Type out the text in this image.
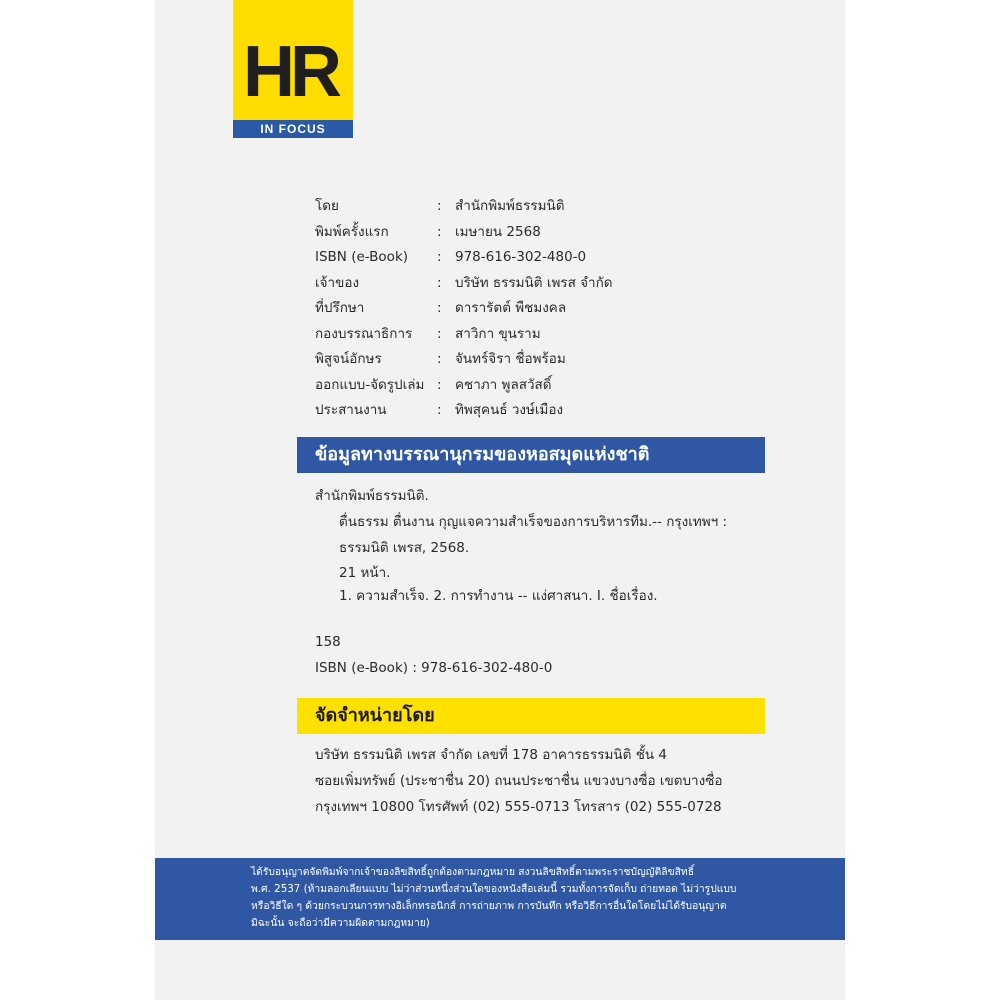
HR
IN FOCUS
โดย	: สำนักพิมพ์ธรรมนิติ
พิมพ์ครั้งแรก	: เมษายน 2568
ISBN (e-Book) : 978-616-302-480-0
เจ้าของ	: บริษัท ธรรมนิติ เพรส จำกัด
ที่ปรึกษา	: ดารารัตต์ พืชมงคล
กองบรรณาธิการ : สาวิกา ขุนราม
พิสูจน์อักษร	: จันทร์จิรา ชื่อพร้อม
ออกแบบ-จัดรูปเล่ม : คชาภา พูลสวัสดิ์
ประสานงาน	: ทิพสุคนธ์ วงษ์เมือง
ข้อมูลทางบรรณานุกรมของหอสมุดแห่งชาติ
สำนักพิมพ์ธรรมนิติ.
ตื่นธรรม ตื่นงาน กุญแจความสำเร็จของการบริหารทีม.-- กรุงเทพฯ :
ธรรมนิติ เพรส, 2568.
21 หน้า.
1. ความสำเร็จ. 2. การทำงาน -- แง่ศาสนา. I. ชื่อเรื่อง.
158
ISBN (e-Book) : 978-616-302-480-0
จัดจำหน่ายโดย
บริษัท ธรรมนิติ เพรส จำกัด เลขที่ 178 อาคารธรรมนิติ ชั้น 4
ซอยเพิ่มทรัพย์ (ประชาชื่น 20) ถนนประชาชื่น แขวงบางซื่อ เขตบางซื่อ
กรุงเทพฯ 10800 โทรศัพท์ (02) 555-0713 โทรสาร (02) 555-0728
ได้รับอนุญาตจัดพิมพ์จากเจ้าของลิขสิทธิ์ถูกต้องตามกฎหมาย สงวนลิขสิทธิ์ตามพระราชบัญญัติลิขสิทธิ์
พ.ศ. 2537 (ห้ามลอกเลียนแบบ ไม่ว่าส่วนหนึ่งส่วนใดของหนังสือเล่มนี้ รวมทั้งการจัดเก็บ ถ่ายทอด ไม่ว่ารูปแบบ
หรือวิธีใด ๆ ด้วยกระบวนการทางอิเล็กทรอนิกส์ การถ่ายภาพ การบันทึก หรือวิธีการอื่นใดโดยไม่ได้รับอนุญาต
มิฉะนั้น จะถือว่ามีความผิดตามกฎหมาย)
